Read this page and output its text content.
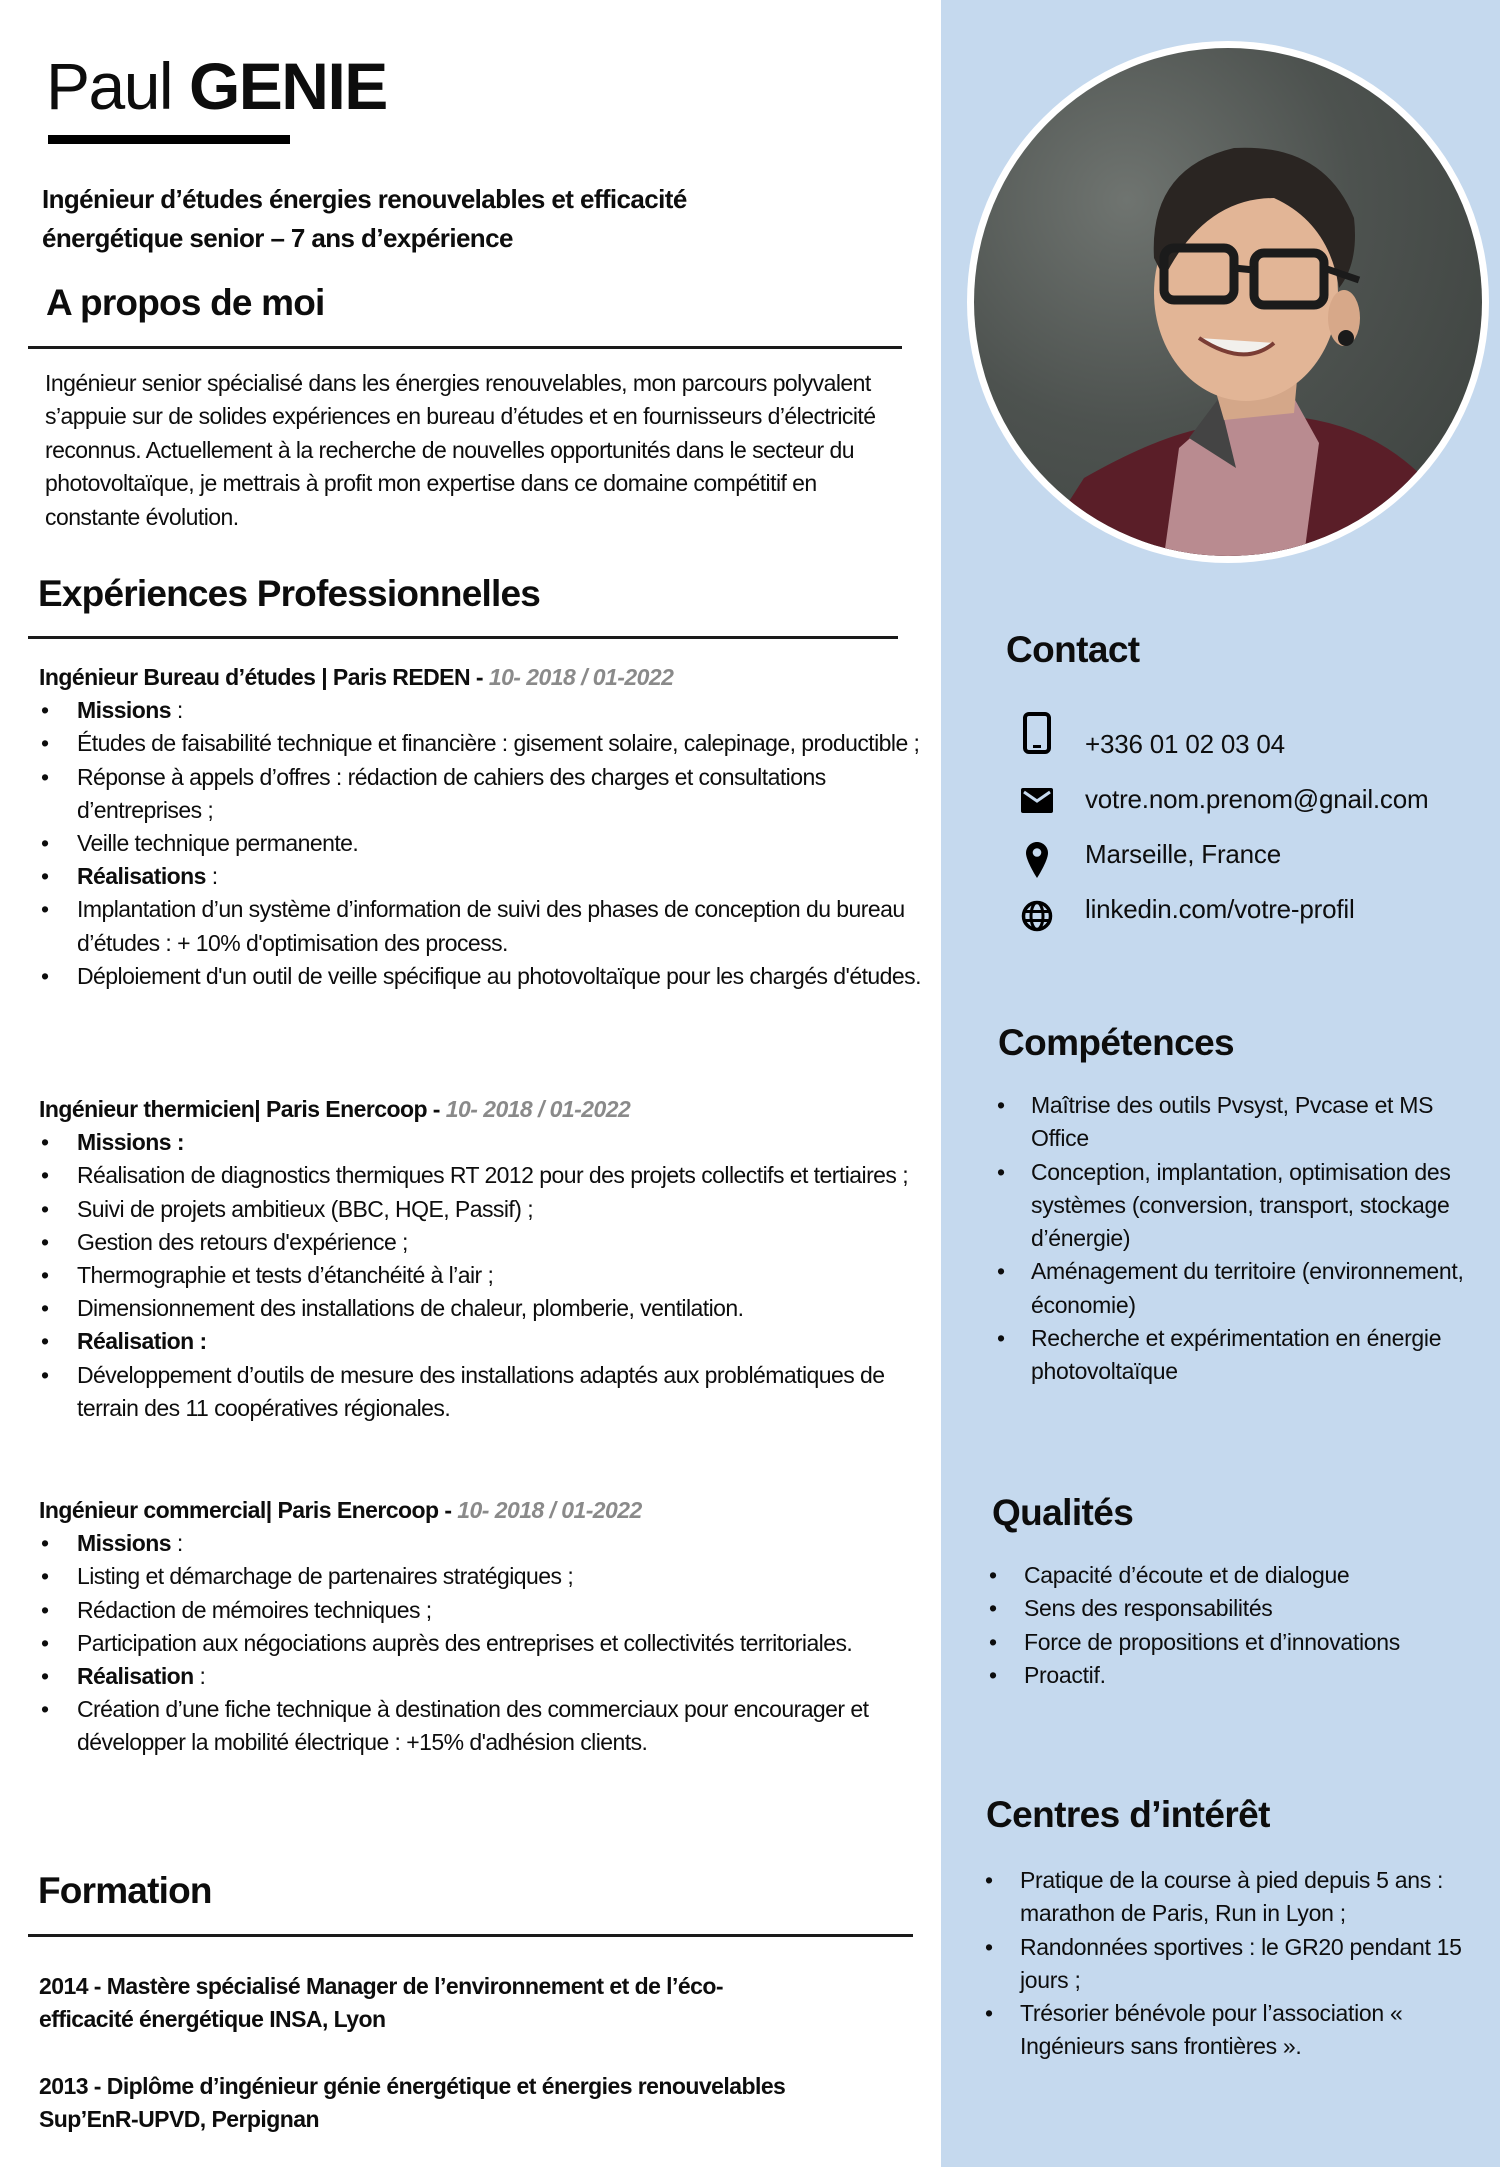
Paul GENIE
Ingénieur d’études énergies renouvelables et efficacité
énergétique senior – 7 ans d’expérience
A propos de moi
Ingénieur senior spécialisé dans les énergies renouvelables, mon parcours polyvalent s’appuie sur de solides expériences en bureau d’études et en fournisseurs d’électricité reconnus. Actuellement à la recherche de nouvelles opportunités dans le secteur du photovoltaïque, je mettrais à profit mon expertise dans ce domaine compétitif en constante évolution.
Expériences Professionnelles
Ingénieur Bureau d’études | Paris REDEN - 10- 2018 / 01-2022
• Missions :
• Études de faisabilité technique et financière : gisement solaire, calepinage, productible ;
• Réponse à appels d’offres : rédaction de cahiers des charges et consultations d’entreprises ;
• Veille technique permanente.
• Réalisations :
• Implantation d’un système d’information de suivi des phases de conception du bureau d’études : + 10% d'optimisation des process.
• Déploiement d'un outil de veille spécifique au photovoltaïque pour les chargés d'études.
Ingénieur thermicien| Paris Enercoop - 10- 2018 / 01-2022
• Missions :
• Réalisation de diagnostics thermiques RT 2012 pour des projets collectifs et tertiaires ;
• Suivi de projets ambitieux (BBC, HQE, Passif) ;
• Gestion des retours d'expérience ;
• Thermographie et tests d’étanchéité à l’air ;
• Dimensionnement des installations de chaleur, plomberie, ventilation.
• Réalisation :
• Développement d’outils de mesure des installations adaptés aux problématiques de terrain des 11 coopératives régionales.
Ingénieur commercial| Paris Enercoop - 10- 2018 / 01-2022
• Missions :
• Listing et démarchage de partenaires stratégiques ;
• Rédaction de mémoires techniques ;
• Participation aux négociations auprès des entreprises et collectivités territoriales.
• Réalisation :
• Création d’une fiche technique à destination des commerciaux pour encourager et développer la mobilité électrique : +15% d'adhésion clients.
Formation
2014 - Mastère spécialisé Manager de l’environnement et de l’éco-
efficacité énergétique INSA, Lyon
2013 - Diplôme d’ingénieur génie énergétique et énergies renouvelables
Sup’EnR-UPVD, Perpignan
Contact
+336 01 02 03 04
votre.nom.prenom@gnail.com
Marseille, France
linkedin.com/votre-profil
Compétences
• Maîtrise des outils Pvsyst, Pvcase et MS Office
• Conception, implantation, optimisation des systèmes (conversion, transport, stockage d’énergie)
• Aménagement du territoire (environnement, économie)
• Recherche et expérimentation en énergie photovoltaïque
Qualités
• Capacité d’écoute et de dialogue
• Sens des responsabilités
• Force de propositions et d’innovations
• Proactif.
Centres d’intérêt
• Pratique de la course à pied depuis 5 ans : marathon de Paris, Run in Lyon ;
• Randonnées sportives : le GR20 pendant 15 jours ;
• Trésorier bénévole pour l’association « Ingénieurs sans frontières ».
